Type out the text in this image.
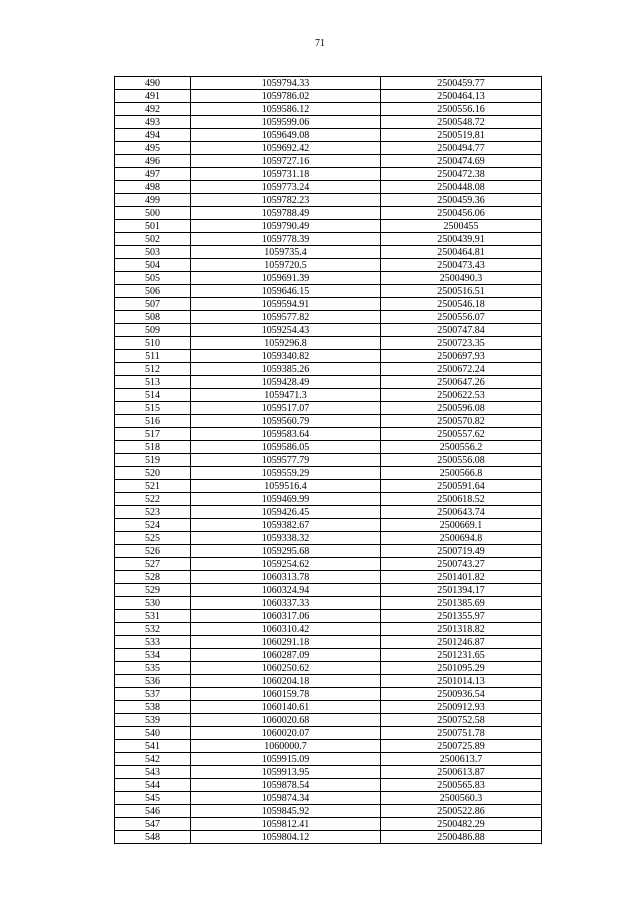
71
490	1059794.33	2500459.77
491	1059786.02	2500464.13
492	1059586.12	2500556.16
493	1059599.06	2500548.72
494	1059649.08	2500519.81
495	1059692.42	2500494.77
496	1059727.16	2500474.69
497	1059731.18	2500472.38
498	1059773.24	2500448.08
499	1059782.23	2500459.36
500	1059788.49	2500456.06
501	1059790.49	2500455
502	1059778.39	2500439.91
503	1059735.4	2500464.81
504	1059720.5	2500473.43
505	1059691.39	2500490.3
506	1059646.15	2500516.51
507	1059594.91	2500546.18
508	1059577.82	2500556.07
509	1059254.43	2500747.84
510	1059296.8	2500723.35
511	1059340.82	2500697.93
512	1059385.26	2500672.24
513	1059428.49	2500647.26
514	1059471.3	2500622.53
515	1059517.07	2500596.08
516	1059560.79	2500570.82
517	1059583.64	2500557.62
518	1059586.05	2500556.2
519	1059577.79	2500556.08
520	1059559.29	2500566.8
521	1059516.4	2500591.64
522	1059469.99	2500618.52
523	1059426.45	2500643.74
524	1059382.67	2500669.1
525	1059338.32	2500694.8
526	1059295.68	2500719.49
527	1059254.62	2500743.27
528	1060313.78	2501401.82
529	1060324.94	2501394.17
530	1060337.33	2501385.69
531	1060317.06	2501355.97
532	1060310.42	2501318.82
533	1060291.18	2501246.87
534	1060287.09	2501231.65
535	1060250.62	2501095.29
536	1060204.18	2501014.13
537	1060159.78	2500936.54
538	1060140.61	2500912.93
539	1060020.68	2500752.58
540	1060020.07	2500751.78
541	1060000.7	2500725.89
542	1059915.09	2500613.7
543	1059913.95	2500613.87
544	1059878.54	2500565.83
545	1059874.34	2500560.3
546	1059845.92	2500522.86
547	1059812.41	2500482.29
548	1059804.12	2500486.88
